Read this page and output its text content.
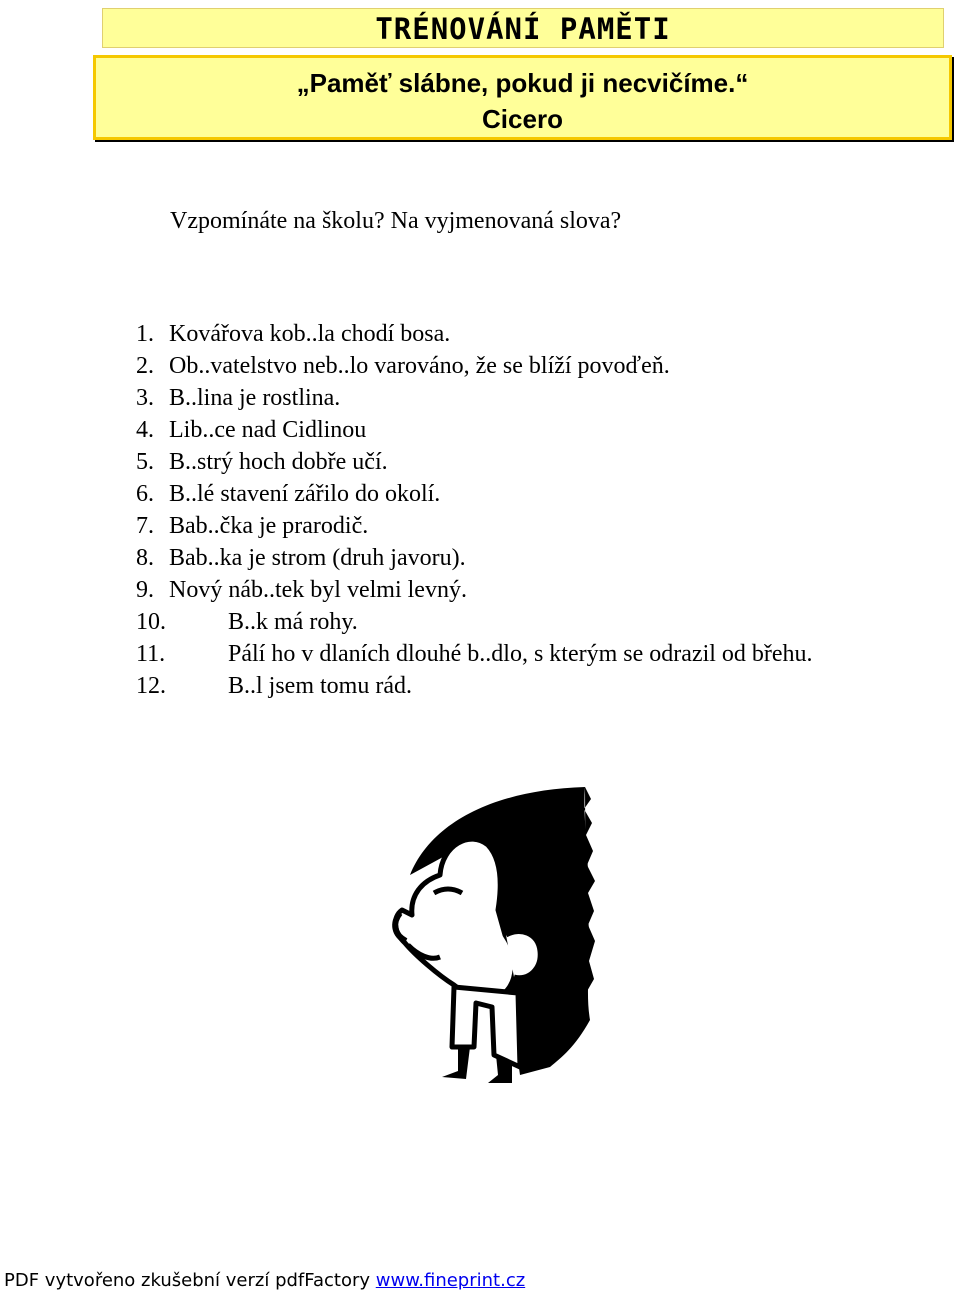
TRÉNOVÁNÍ PAMĚTI
„Paměť slábne, pokud ji necvičíme.“
Cicero
Vzpomínáte na školu? Na vyjmenovaná slova?
1. Kovářova kob..la chodí bosa.
2. Ob..vatelstvo neb..lo varováno, že se blíží povoďeň.
3. B..lina je rostlina.
4. Lib..ce nad Cidlinou
5. B..strý hoch dobře učí.
6. B..lé stavení zářilo do okolí.
7. Bab..čka je prarodič.
8. Bab..ka je strom (druh javoru).
9. Nový náb..tek byl velmi levný.
10.	B..k má rohy.
11.	Pálí ho v dlaních dlouhé b..dlo, s kterým se odrazil od břehu.
12.	B..l jsem tomu rád.
PDF vytvořeno zkušební verzí pdfFactory www.fineprint.cz
